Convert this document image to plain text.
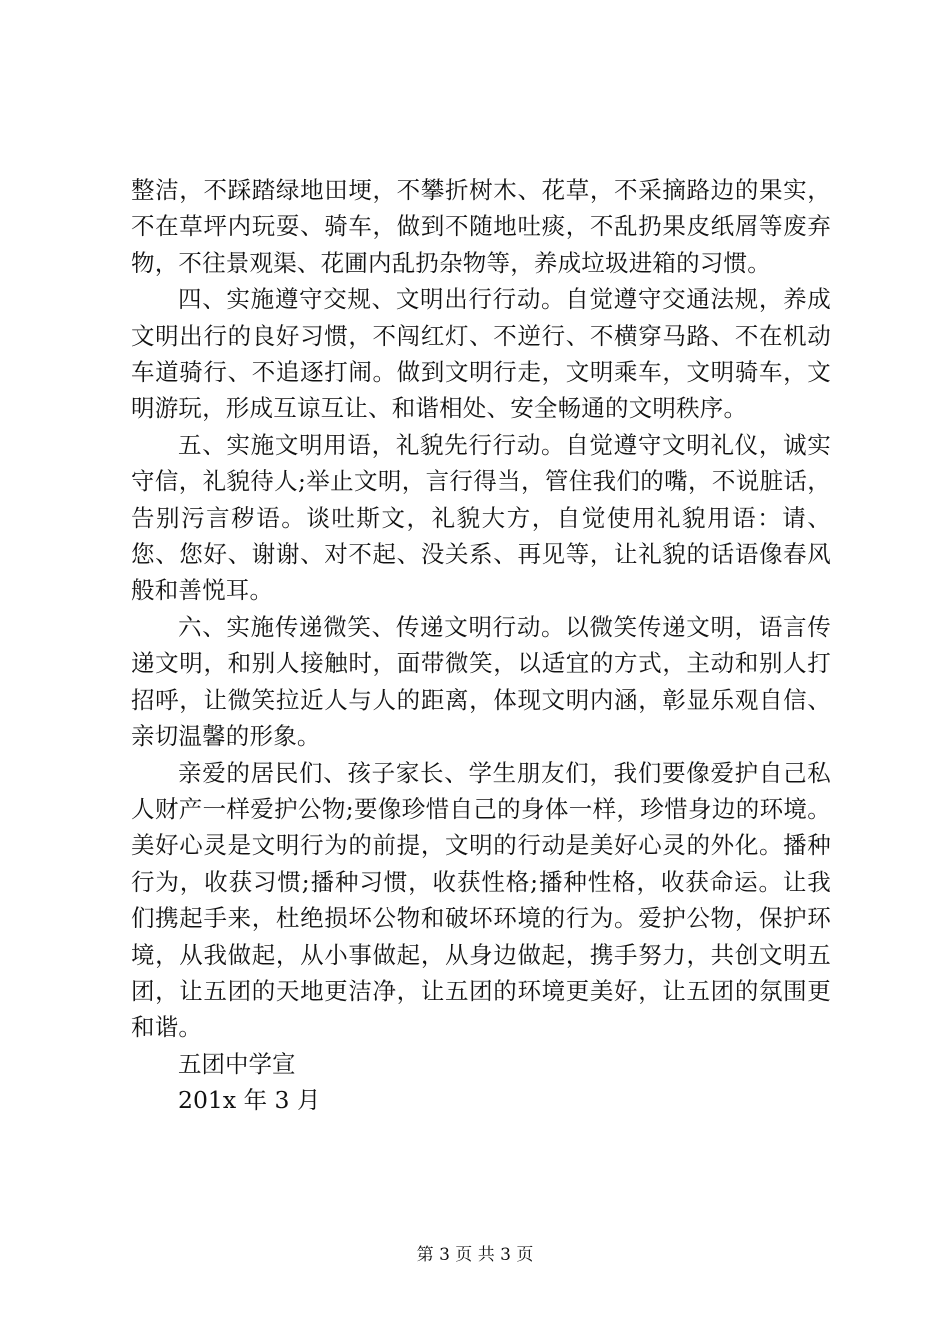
整洁，不踩踏绿地田埂，不攀折树木、花草，不采摘路边的果实，不在草坪内玩耍、骑车，做到不随地吐痰，不乱扔果皮纸屑等废弃物，不往景观渠、花圃内乱扔杂物等，养成垃圾进箱的习惯。

四、实施遵守交规、文明出行行动。自觉遵守交通法规，养成文明出行的良好习惯，不闯红灯、不逆行、不横穿马路、不在机动车道骑行、不追逐打闹。做到文明行走，文明乘车，文明骑车，文明游玩，形成互谅互让、和谐相处、安全畅通的文明秩序。

五、实施文明用语，礼貌先行行动。自觉遵守文明礼仪，诚实守信，礼貌待人;举止文明，言行得当，管住我们的嘴，不说脏话，告别污言秽语。谈吐斯文，礼貌大方，自觉使用礼貌用语：请、您、您好、谢谢、对不起、没关系、再见等，让礼貌的话语像春风般和善悦耳。

六、实施传递微笑、传递文明行动。以微笑传递文明，语言传递文明，和别人接触时，面带微笑，以适宜的方式，主动和别人打招呼，让微笑拉近人与人的距离，体现文明内涵，彰显乐观自信、亲切温馨的形象。

亲爱的居民们、孩子家长、学生朋友们，我们要像爱护自己私人财产一样爱护公物;要像珍惜自己的身体一样，珍惜身边的环境。美好心灵是文明行为的前提，文明的行动是美好心灵的外化。播种行为，收获习惯;播种习惯，收获性格;播种性格，收获命运。让我们携起手来，杜绝损坏公物和破坏环境的行为。爱护公物，保护环境，从我做起，从小事做起，从身边做起，携手努力，共创文明五团，让五团的天地更洁净，让五团的环境更美好，让五团的氛围更和谐。

五团中学宣

201x 年 3 月

第 3 页 共 3 页
